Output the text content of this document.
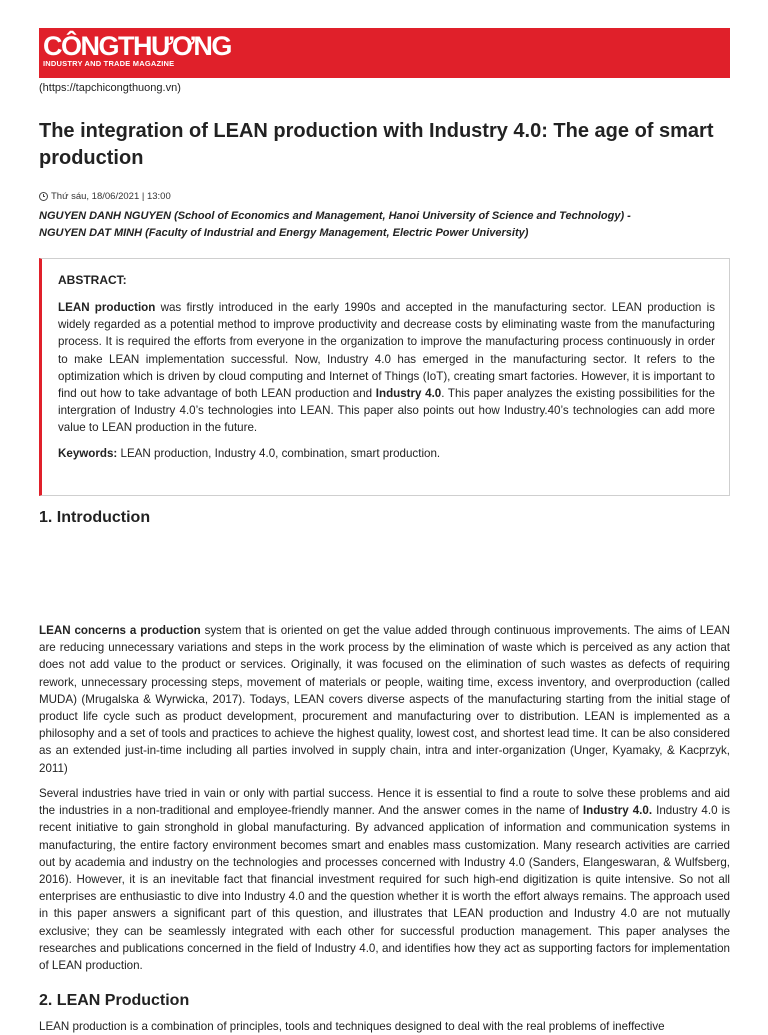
CÔNGTHƯƠNG
INDUSTRY AND TRADE MAGAZINE
(https://tapchicongthuong.vn)
The integration of LEAN production with Industry 4.0: The age of smart production
Thứ sáu, 18/06/2021 | 13:00
NGUYEN DANH NGUYEN (School of Economics and Management, Hanoi University of Science and Technology) -
NGUYEN DAT MINH (Faculty of Industrial and Energy Management, Electric Power University)
ABSTRACT:

LEAN production was firstly introduced in the early 1990s and accepted in the manufacturing sector. LEAN production is widely regarded as a potential method to improve productivity and decrease costs by eliminating waste from the manufacturing process. It is required the efforts from everyone in the organization to improve the manufacturing process continuously in order to make LEAN implementation successful. Now, Industry 4.0 has emerged in the manufacturing sector. It refers to the optimization which is driven by cloud computing and Internet of Things (IoT), creating smart factories. However, it is important to find out how to take advantage of both LEAN production and Industry 4.0. This paper analyzes the existing possibilities for the intergration of Industry 4.0’s technologies into LEAN. This paper also points out how Industry.40’s technologies can add more value to LEAN production in the future.

Keywords: LEAN production, Industry 4.0, combination, smart production.

1. Introduction

LEAN concerns a production system that is oriented on get the value added through continuous improvements. The aims of LEAN are reducing unnecessary variations and steps in the work process by the elimination of waste which is perceived as any action that does not add value to the product or services. Originally, it was focused on the elimination of such wastes as defects of requiring rework, unnecessary processing steps, movement of materials or people, waiting time, excess inventory, and overproduction (called MUDA) (Mrugalska & Wyrwicka, 2017). Todays, LEAN covers diverse aspects of the manufacturing starting from the initial stage of product life cycle such as product development, procurement and manufacturing over to distribution. LEAN is implemented as a philosophy and a set of tools and practices to achieve the highest quality, lowest cost, and shortest lead time. It can be also considered as an extended just-in-time including all parties involved in supply chain, intra and inter-organization (Unger, Kyamaky, & Kacprzyk, 2011)

Several industries have tried in vain or only with partial success. Hence it is essential to find a route to solve these problems and aid the industries in a non-traditional and employee-friendly manner. And the answer comes in the name of Industry 4.0. Industry 4.0 is recent initiative to gain stronghold in global manufacturing. By advanced application of information and communication systems in manufacturing, the entire factory environment becomes smart and enables mass customization. Many research activities are carried out by academia and industry on the technologies and processes concerned with Industry 4.0 (Sanders, Elangeswaran, & Wulfsberg, 2016). However, it is an inevitable fact that financial investment required for such high-end digitization is quite intensive. So not all enterprises are enthusiastic to dive into Industry 4.0 and the question whether it is worth the effort always remains. The approach used in this paper answers a significant part of this question, and illustrates that LEAN production and Industry 4.0 are not mutually exclusive; they can be seamlessly integrated with each other for successful production management. This paper analyses the researches and publications concerned in the field of Industry 4.0, and identifies how they act as supporting factors for implementation of LEAN production.

2. LEAN Production
LEAN production is a combination of principles, tools and techniques designed to deal with the real problems of ineffective
